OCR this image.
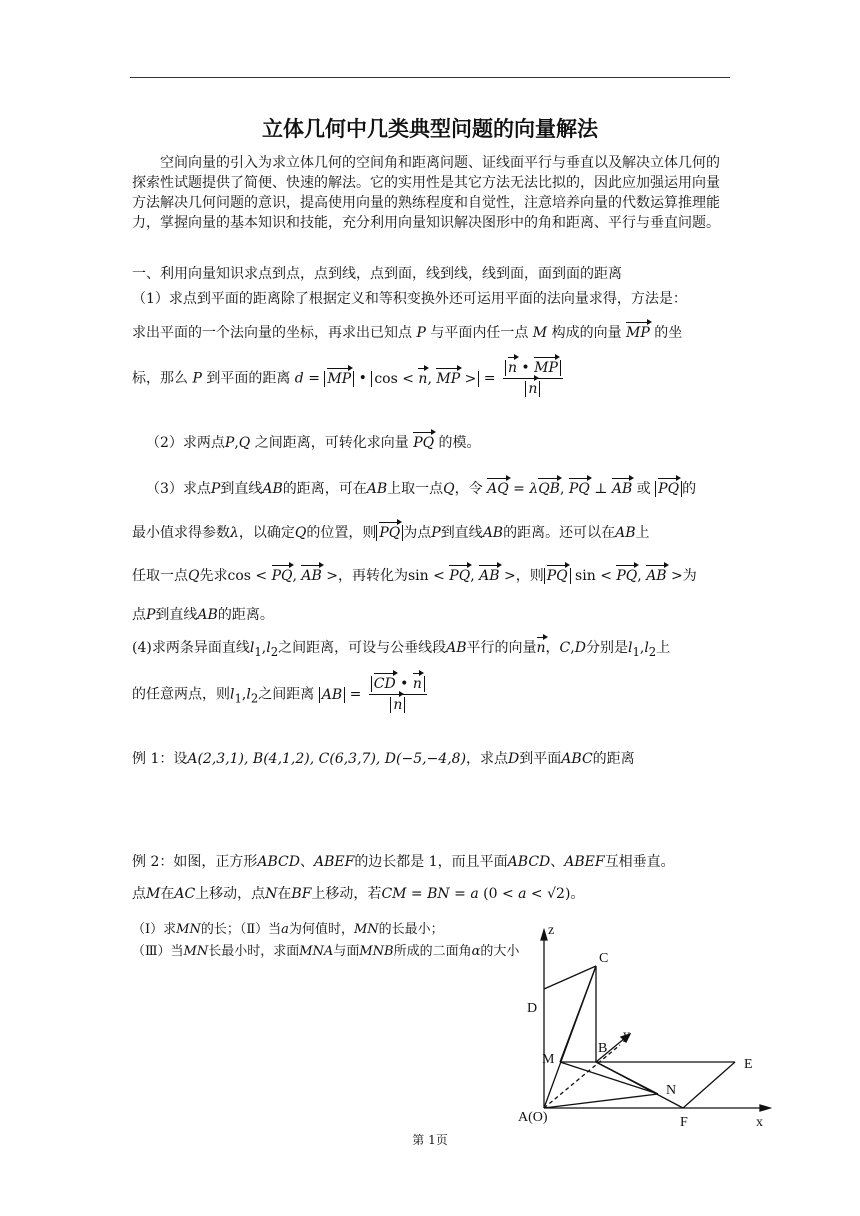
立体几何中几类典型问题的向量解法
空间向量的引入为求立体几何的空间角和距离问题、证线面平行与垂直以及解决立体几何的探索性试题提供了简便、快速的解法。它的实用性是其它方法无法比拟的，因此应加强运用向量方法解决几何问题的意识，提高使用向量的熟练程度和自觉性，注意培养向量的代数运算推理能力，掌握向量的基本知识和技能，充分利用向量知识解决图形中的角和距离、平行与垂直问题。
一、利用向量知识求点到点，点到线，点到面，线到线，线到面，面到面的距离
（1）求点到平面的距离除了根据定义和等积变换外还可运用平面的法向量求得，方法是：
求出平面的一个法向量的坐标，再求出已知点 P 与平面内任一点 M 构成的向量 MP 的坐
标，那么 P 到平面的距离 d = MP • cos < n, MP > = $\frac{n • MP}{n}$
（2）求两点P,Q 之间距离，可转化求向量 PQ 的模。
（3）求点P到直线AB的距离，可在AB上取一点Q，令 AQ = λQB, PQ ⊥ AB 或 PQ 的
最小值求得参数λ，以确定Q的位置，则 PQ 为点P到直线AB的距离。还可以在AB上
任取一点Q先求cos < PQ, AB >，再转化为sin < PQ, AB >，则 PQ sin < PQ, AB >为
点P到直线AB的距离。
(4)求两条异面直线$l_1,l_2$之间距离，可设与公垂线段AB平行的向量n，C,D分别是$l_1,l_2$上
的任意两点，则$l_1,l_2$之间距离 AB = $\frac{CD • n}{n}$
例 1：设A(2,3,1), B(4,1,2), C(6,3,7), D(−5,−4,8)，求点D到平面ABC的距离
例 2：如图，正方形ABCD、ABEF的边长都是 1，而且平面ABCD、ABEF互相垂直。
点M在AC上移动，点N在BF上移动，若CM = BN = a (0 < a < √2)。
（Ⅰ）求MN的长；（Ⅱ）当a为何值时，MN的长最小；
（Ⅲ）当MN长最小时，求面MNA与面MNB所成的二面角α的大小
z
C
D
y
B
M	E
N
A(O)	F	x
第 1页
